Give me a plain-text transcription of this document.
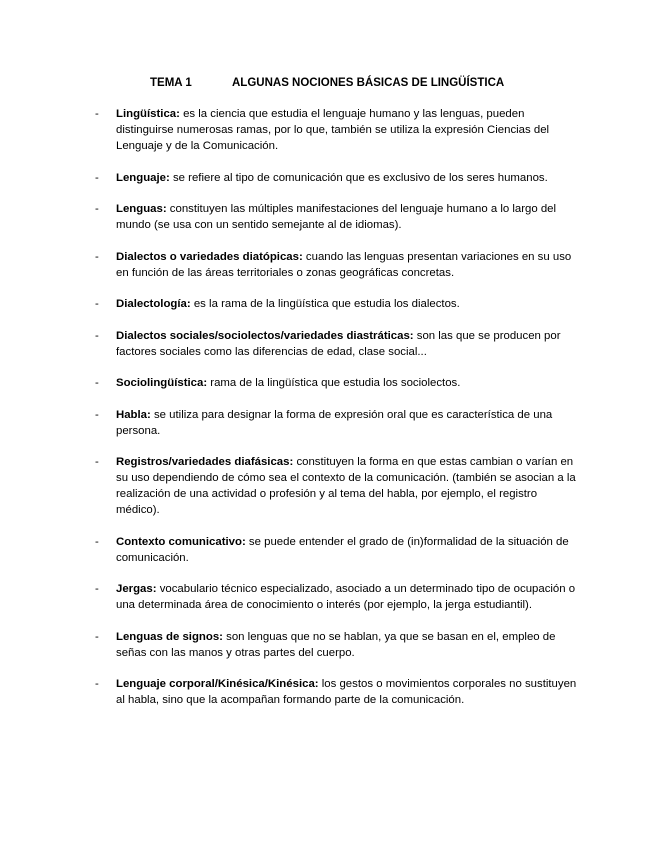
TEMA 1	ALGUNAS NOCIONES BÁSICAS DE LINGÜÍSTICA
- Lingüística: es la ciencia que estudia el lenguaje humano y las lenguas, pueden distinguirse numerosas ramas, por lo que, también se utiliza la expresión Ciencias del Lenguaje y de la Comunicación.
- Lenguaje: se refiere al tipo de comunicación que es exclusivo de los seres humanos.
- Lenguas: constituyen las múltiples manifestaciones del lenguaje humano a lo largo del mundo (se usa con un sentido semejante al de idiomas).
- Dialectos o variedades diatópicas: cuando las lenguas presentan variaciones en su uso en función de las áreas territoriales o zonas geográficas concretas.
- Dialectología: es la rama de la lingüística que estudia los dialectos.
- Dialectos sociales/sociolectos/variedades diastráticas: son las que se producen por factores sociales como las diferencias de edad, clase social...
- Sociolingüística: rama de la lingüística que estudia los sociolectos.
- Habla: se utiliza para designar la forma de expresión oral que es característica de una persona.
- Registros/variedades diafásicas: constituyen la forma en que estas cambian o varían en su uso dependiendo de cómo sea el contexto de la comunicación. (también se asocian a la realización de una actividad o profesión y al tema del habla, por ejemplo, el registro médico).
- Contexto comunicativo: se puede entender el grado de (in)formalidad de la situación de comunicación.
- Jergas: vocabulario técnico especializado, asociado a un determinado tipo de ocupación o una determinada área de conocimiento o interés (por ejemplo, la jerga estudiantil).
- Lenguas de signos: son lenguas que no se hablan, ya que se basan en el, empleo de señas con las manos y otras partes del cuerpo.
- Lenguaje corporal/Kinésica/Kinésica: los gestos o movimientos corporales no sustituyen al habla, sino que la acompañan formando parte de la comunicación.
